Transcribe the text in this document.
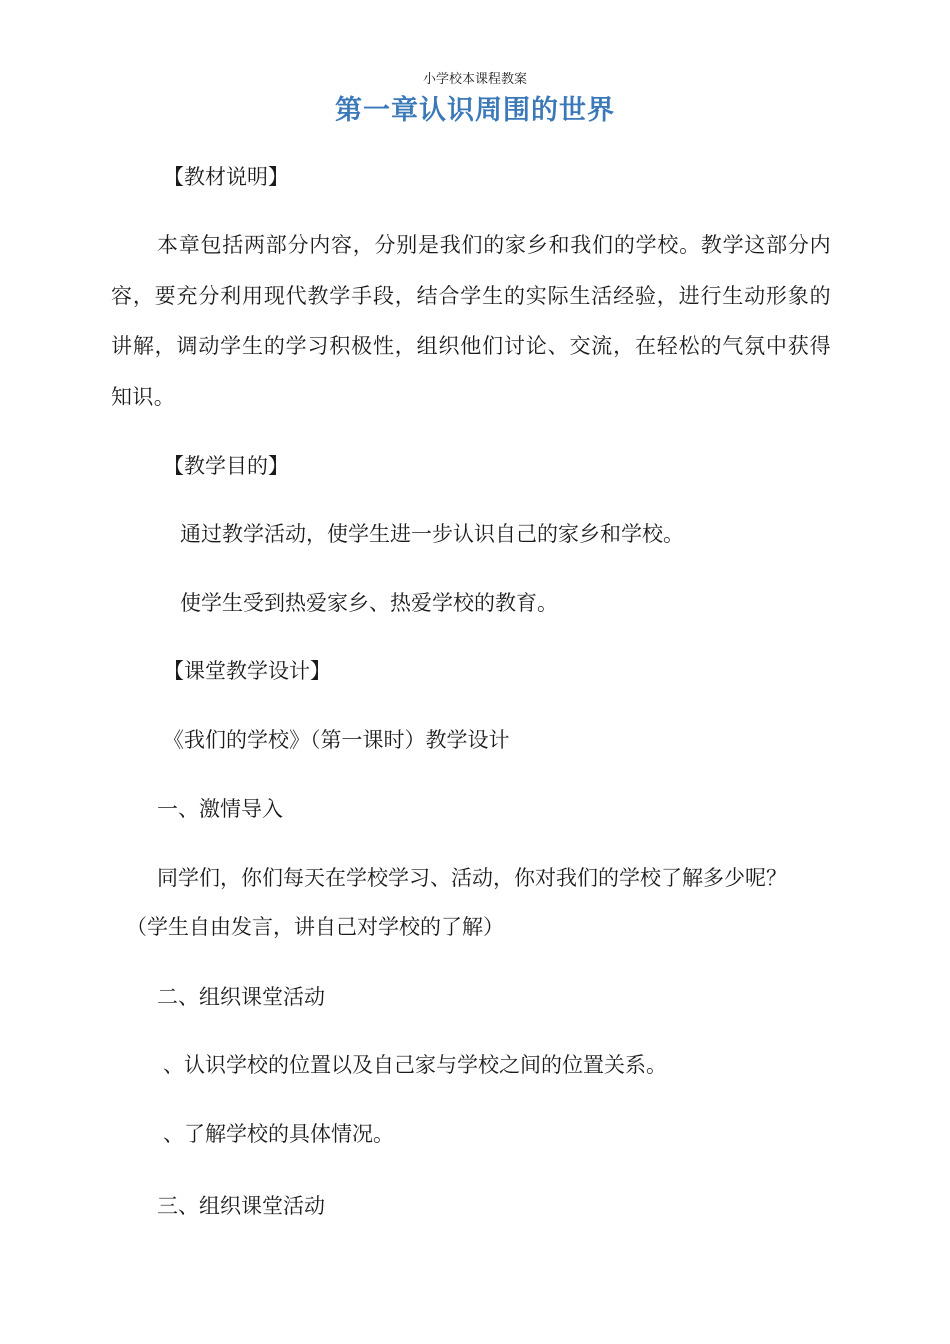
小学校本课程教案
第一章认识周围的世界
【教材说明】
本章包括两部分内容，分别是我们的家乡和我们的学校。教学这部分内容，要充分利用现代教学手段，结合学生的实际生活经验，进行生动形象的讲解，调动学生的学习积极性，组织他们讨论、交流，在轻松的气氛中获得知识。
【教学目的】
通过教学活动，使学生进一步认识自己的家乡和学校。
使学生受到热爱家乡、热爱学校的教育。
【课堂教学设计】
《我们的学校》（第一课时）教学设计
一、激情导入
同学们，你们每天在学校学习、活动，你对我们的学校了解多少呢？
（学生自由发言，讲自己对学校的了解）
二、组织课堂活动
、认识学校的位置以及自己家与学校之间的位置关系。
、了解学校的具体情况。
三、组织课堂活动
